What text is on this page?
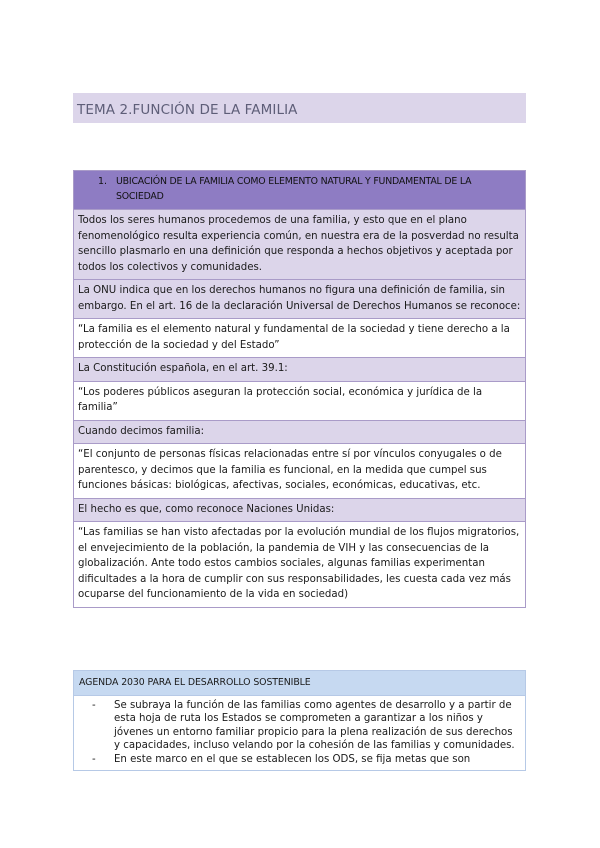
TEMA 2.FUNCIÓN DE LA FAMILIA
1. UBICACIÓN DE LA FAMILIA COMO ELEMENTO NATURAL Y FUNDAMENTAL DE LA SOCIEDAD
Todos los seres humanos procedemos de una familia, y esto que en el plano fenomenológico resulta experiencia común, en nuestra era de la posverdad no resulta sencillo plasmarlo en una definición que responda a hechos objetivos y aceptada por todos los colectivos y comunidades.
La ONU indica que en los derechos humanos no figura una definición de familia, sin embargo. En el art. 16 de la declaración Universal de Derechos Humanos se reconoce:
“La familia es el elemento natural y fundamental de la sociedad y tiene derecho a la protección de la sociedad y del Estado”
La Constitución española, en el art. 39.1:
“Los poderes públicos aseguran la protección social, económica y jurídica de la familia”
Cuando decimos familia:
“El conjunto de personas físicas relacionadas entre sí por vínculos conyugales o de parentesco, y decimos que la familia es funcional, en la medida que cumpel sus funciones básicas: biológicas, afectivas, sociales, económicas, educativas, etc.
El hecho es que, como reconoce Naciones Unidas:
“Las familias se han visto afectadas por la evolución mundial de los flujos migratorios, el envejecimiento de la población, la pandemia de VIH y las consecuencias de la globalización. Ante todo estos cambios sociales, algunas familias experimentan dificultades a la hora de cumplir con sus responsabilidades, les cuesta cada vez más ocuparse del funcionamiento de la vida en sociedad)
AGENDA 2030 PARA EL DESARROLLO SOSTENIBLE

-	Se subraya la función de las familias como agentes de desarrollo y a partir de esta hoja de ruta los Estados se comprometen a garantizar a los niños y jóvenes un entorno familiar propicio para la plena realización de sus derechos y capacidades, incluso velando por la cohesión de las familias y comunidades.
-	En este marco en el que se establecen los ODS, se fija metas que son
